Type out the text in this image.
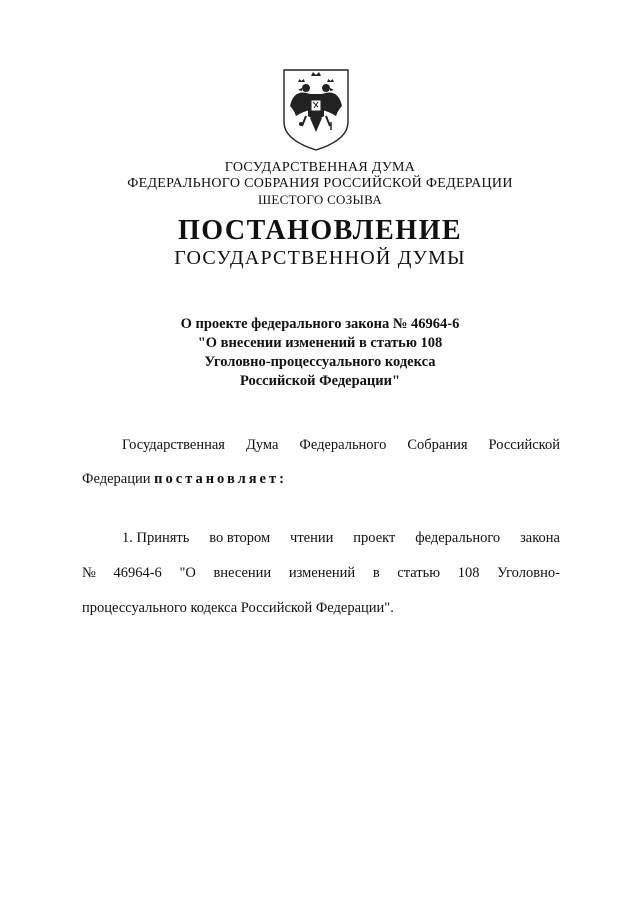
ГОСУДАРСТВЕННАЯ ДУМА
ФЕДЕРАЛЬНОГО СОБРАНИЯ РОССИЙСКОЙ ФЕДЕРАЦИИ
ШЕСТОГО СОЗЫВА
ПОСТАНОВЛЕНИЕ
ГОСУДАРСТВЕННОЙ ДУМЫ
О проекте федерального закона № 46964-6
"О внесении изменений в статью 108
Уголовно-процессуального кодекса
Российской Федерации"
Государственная Дума Федерального Собрания Российской
Федерации постановляет:
1. Принять во втором чтении проект федерального закона
№ 46964-6 "О внесении изменений в статью 108 Уголовно-
процессуального кодекса Российской Федерации".
